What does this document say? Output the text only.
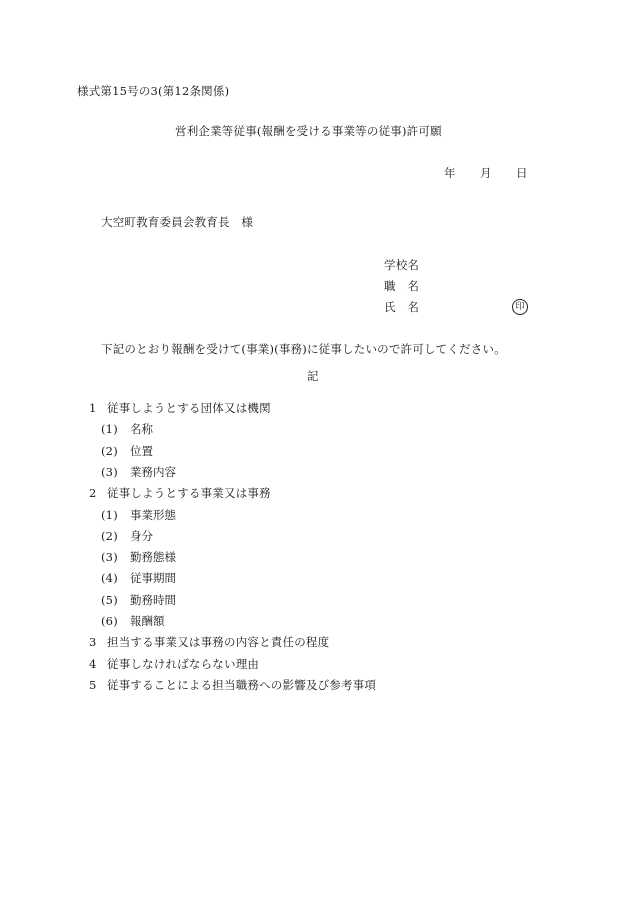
様式第15号の3(第12条関係)
営利企業等従事(報酬を受ける事業等の従事)許可願
年 月 日
大空町教育委員会教育長　様
学校名
職　名
氏　名	印
下記のとおり報酬を受けて(事業)(事務)に従事したいので許可してください。
記
1 従事しようとする団体又は機関
(1) 名称
(2) 位置
(3) 業務内容
2 従事しようとする事業又は事務
(1) 事業形態
(2) 身分
(3) 勤務態様
(4) 従事期間
(5) 勤務時間
(6) 報酬額
3 担当する事業又は事務の内容と責任の程度
4 従事しなければならない理由
5 従事することによる担当職務への影響及び参考事項
